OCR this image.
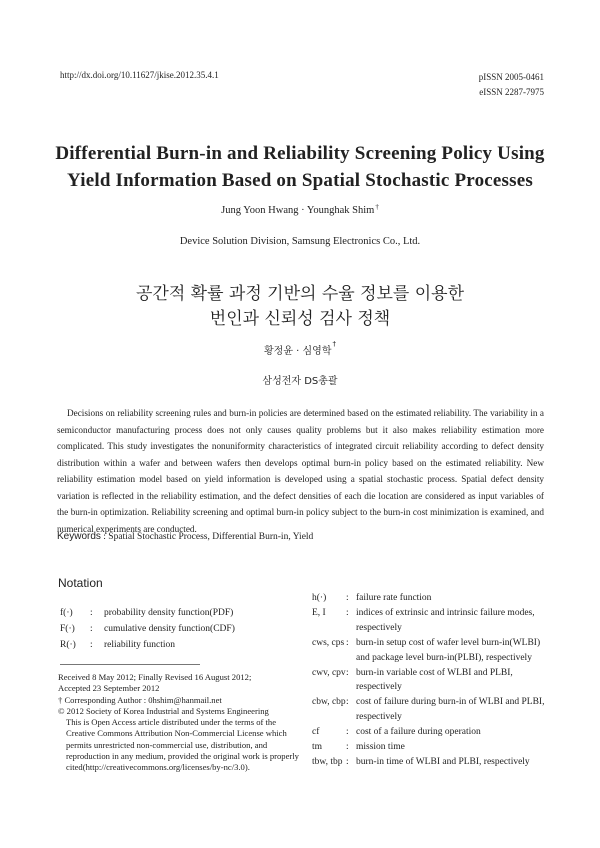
http://dx.doi.org/10.11627/jkise.2012.35.4.1	pISSN 2005-0461
eISSN 2287-7975
Differential Burn-in and Reliability Screening Policy Using
Yield Information Based on Spatial Stochastic Processes
Jung Yoon Hwang · Younghak Shim†
Device Solution Division, Samsung Electronics Co., Ltd.
공간적 확률 과정 기반의 수율 정보를 이용한
번인과 신뢰성 검사 정책
황정윤 · 심영학†
삼성전자 DS총괄
Decisions on reliability screening rules and burn-in policies are determined based on the estimated reliability. The variability in a semiconductor manufacturing process does not only causes quality problems but it also makes reliability estimation more complicated. This study investigates the nonuniformity characteristics of integrated circuit reliability according to defect density distribution within a wafer and between wafers then develops optimal burn-in policy based on the estimated reliability. New reliability estimation model based on yield information is developed using a spatial stochastic process. Spatial defect density variation is reflected in the reliability estimation, and the defect densities of each die location are considered as input variables of the burn-in optimization. Reliability screening and optimal burn-in policy subject to the burn-in cost minimization is examined, and numerical experiments are conducted.
Keywords : Spatial Stochastic Process, Differential Burn-in, Yield
Notation
f(·)	:	probability density function(PDF)
F(·)	:	cumulative density function(CDF)
R(·)	:	reliability function
Received 8 May 2012; Finally Revised 16 August 2012;
Accepted 23 September 2012
† Corresponding Author : 0hshim@hanmail.net
© 2012 Society of Korea Industrial and Systems Engineering
This is Open Access article distributed under the terms of the Creative Commons Attribution Non-Commercial License which permits unrestricted non-commercial use, distribution, and reproduction in any medium, provided the original work is properly cited(http://creativecommons.org/licenses/by-nc/3.0).
h(·)	: failure rate function
E, I	: indices of extrinsic and intrinsic failure modes, respectively
cws, cps : burn-in setup cost of wafer level burn-in(WLBI) and package level burn-in(PLBI), respectively
cwv, cpv : burn-in variable cost of WLBI and PLBI, respectively
cbw, cbp : cost of failure during burn-in of WLBI and PLBI, respectively
cf	: cost of a failure during operation
tm	: mission time
tbw, tbp : burn-in time of WLBI and PLBI, respectively
